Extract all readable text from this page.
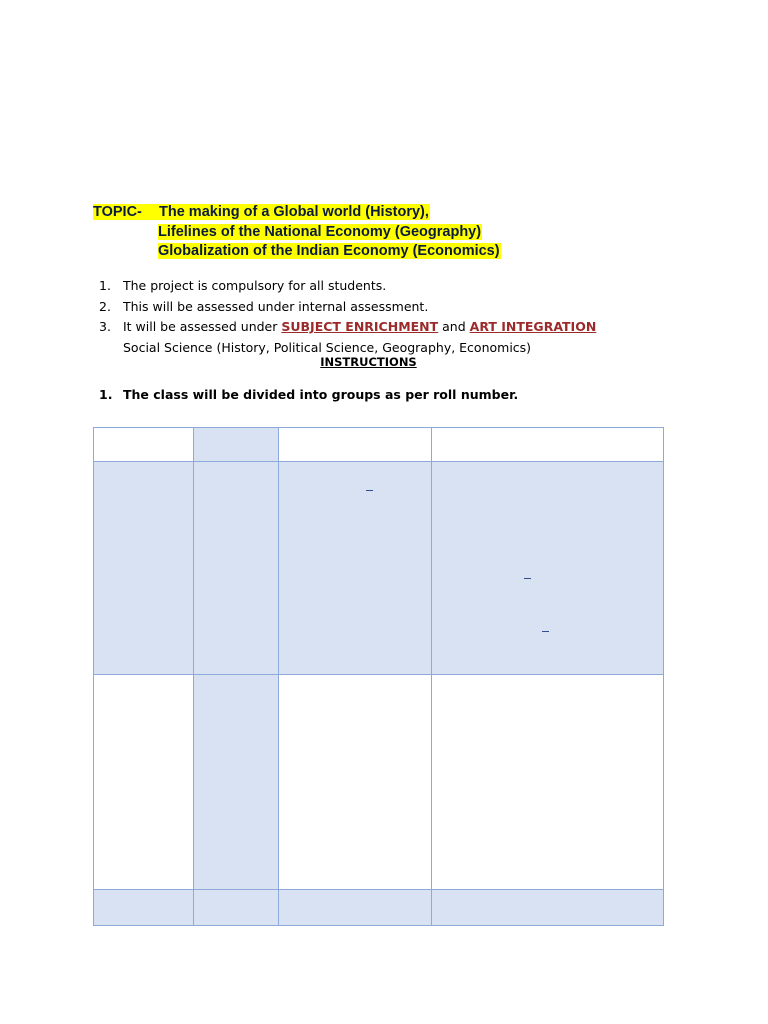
TOPIC- The making of a Global world (History),
Lifelines of the National Economy (Geography)
Globalization of the Indian Economy (Economics)
1. The project is compulsory for all students.
2. This will be assessed under internal assessment.
3. It will be assessed under SUBJECT ENRICHMENT and ART INTEGRATION
Social Science (History, Political Science, Geography, Economics)
INSTRUCTIONS
1. The class will be divided into groups as per roll number.
